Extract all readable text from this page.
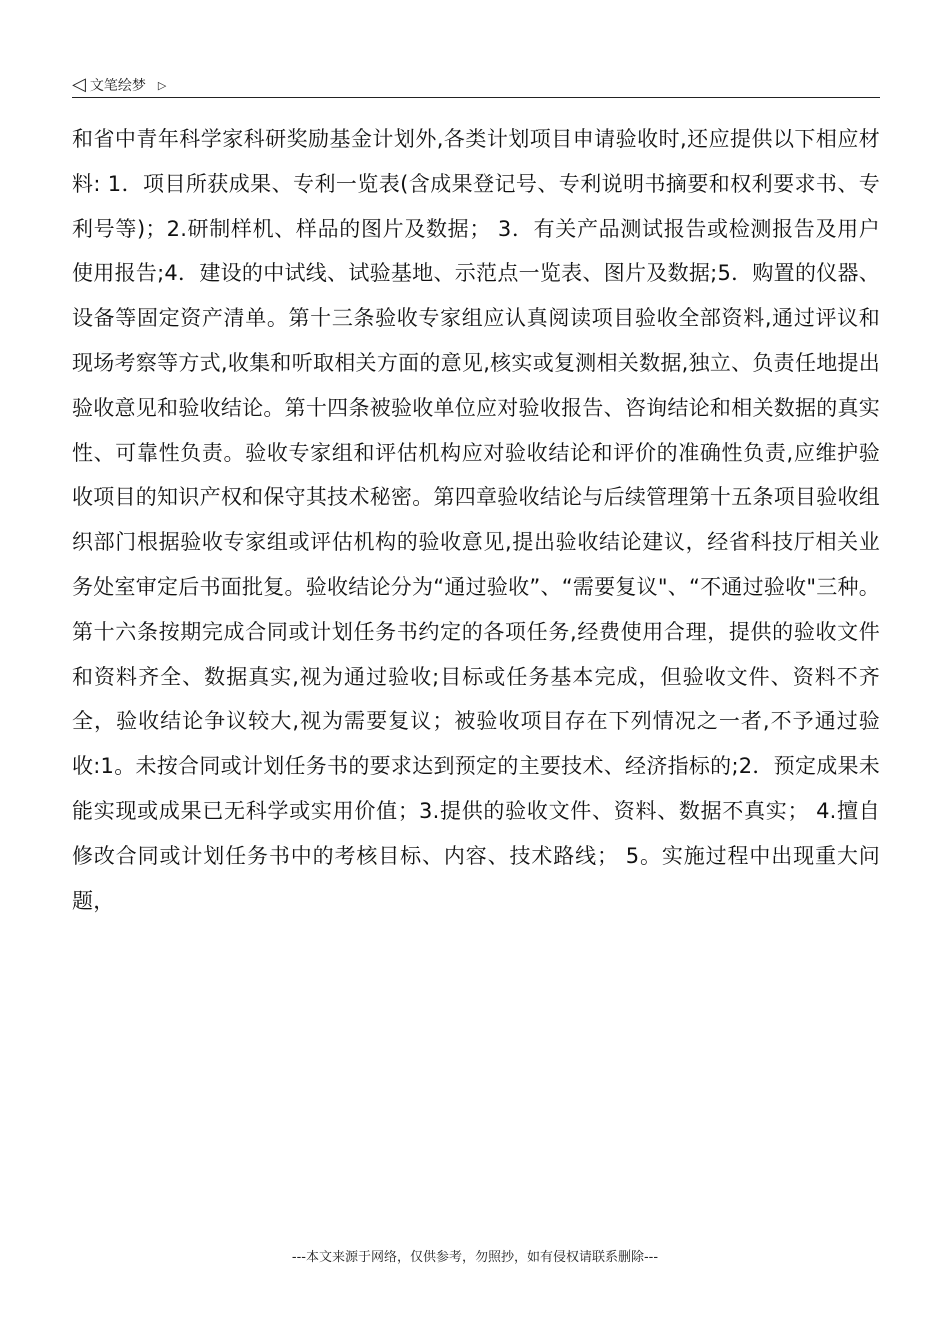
◁ 文笔绘梦 ▷

和省中青年科学家科研奖励基金计划外,各类计划项目申请验收时,还应提供以下相应材料: 1．项目所获成果、专利一览表(含成果登记号、专利说明书摘要和权利要求书、专利号等)；2.研制样机、样品的图片及数据； 3．有关产品测试报告或检测报告及用户使用报告;4．建设的中试线、试验基地、示范点一览表、图片及数据;5．购置的仪器、设备等固定资产清单。第十三条验收专家组应认真阅读项目验收全部资料,通过评议和现场考察等方式,收集和听取相关方面的意见,核实或复测相关数据,独立、负责任地提出验收意见和验收结论。第十四条被验收单位应对验收报告、咨询结论和相关数据的真实性、可靠性负责。验收专家组和评估机构应对验收结论和评价的准确性负责,应维护验收项目的知识产权和保守其技术秘密。第四章验收结论与后续管理第十五条项目验收组织部门根据验收专家组或评估机构的验收意见,提出验收结论建议，经省科技厅相关业务处室审定后书面批复。验收结论分为“通过验收”、“需要复议"、“不通过验收"三种。第十六条按期完成合同或计划任务书约定的各项任务,经费使用合理，提供的验收文件和资料齐全、数据真实,视为通过验收;目标或任务基本完成，但验收文件、资料不齐全，验收结论争议较大,视为需要复议；被验收项目存在下列情况之一者,不予通过验收:1。未按合同或计划任务书的要求达到预定的主要技术、经济指标的;2．预定成果未能实现或成果已无科学或实用价值；3.提供的验收文件、资料、数据不真实； 4.擅自修改合同或计划任务书中的考核目标、内容、技术路线； 5。实施过程中出现重大问题，

---本文来源于网络，仅供参考，勿照抄，如有侵权请联系删除---
